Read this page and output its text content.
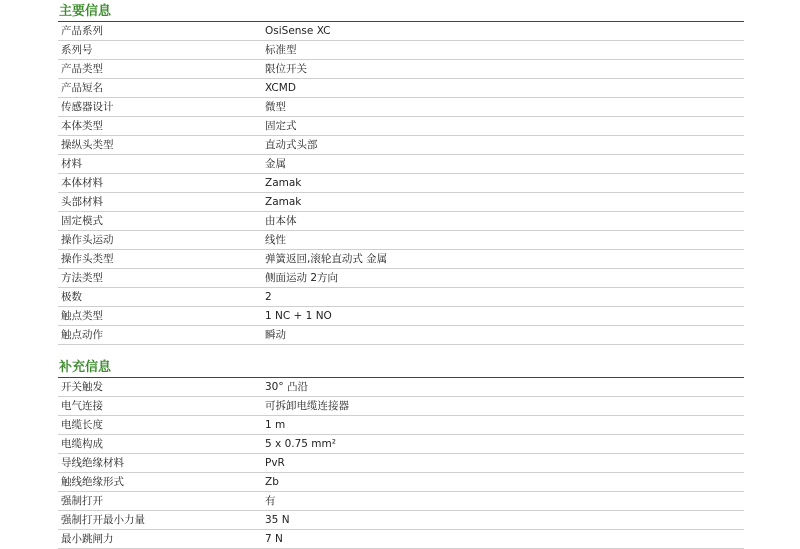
主要信息
产品系列	OsiSense XC
系列号	标准型
产品类型	限位开关
产品短名	XCMD
传感器设计	微型
本体类型	固定式
操纵头类型	直动式头部
材料	金属
本体材料	Zamak
头部材料	Zamak
固定模式	由本体
操作头运动	线性
操作头类型	弹簧返回,滚轮直动式 金属
方法类型	侧面运动 2方向
极数	2
触点类型	1 NC + 1 NO
触点动作	瞬动
补充信息
开关触发	30° 凸沿
电气连接	可拆卸电缆连接器
电缆长度	1 m
电缆构成	5 x 0.75 mm²
导线绝缘材料	PvR
触线绝缘形式	Zb
强制打开	有
强制打开最小力量	35 N
最小跳闸力	7 N
